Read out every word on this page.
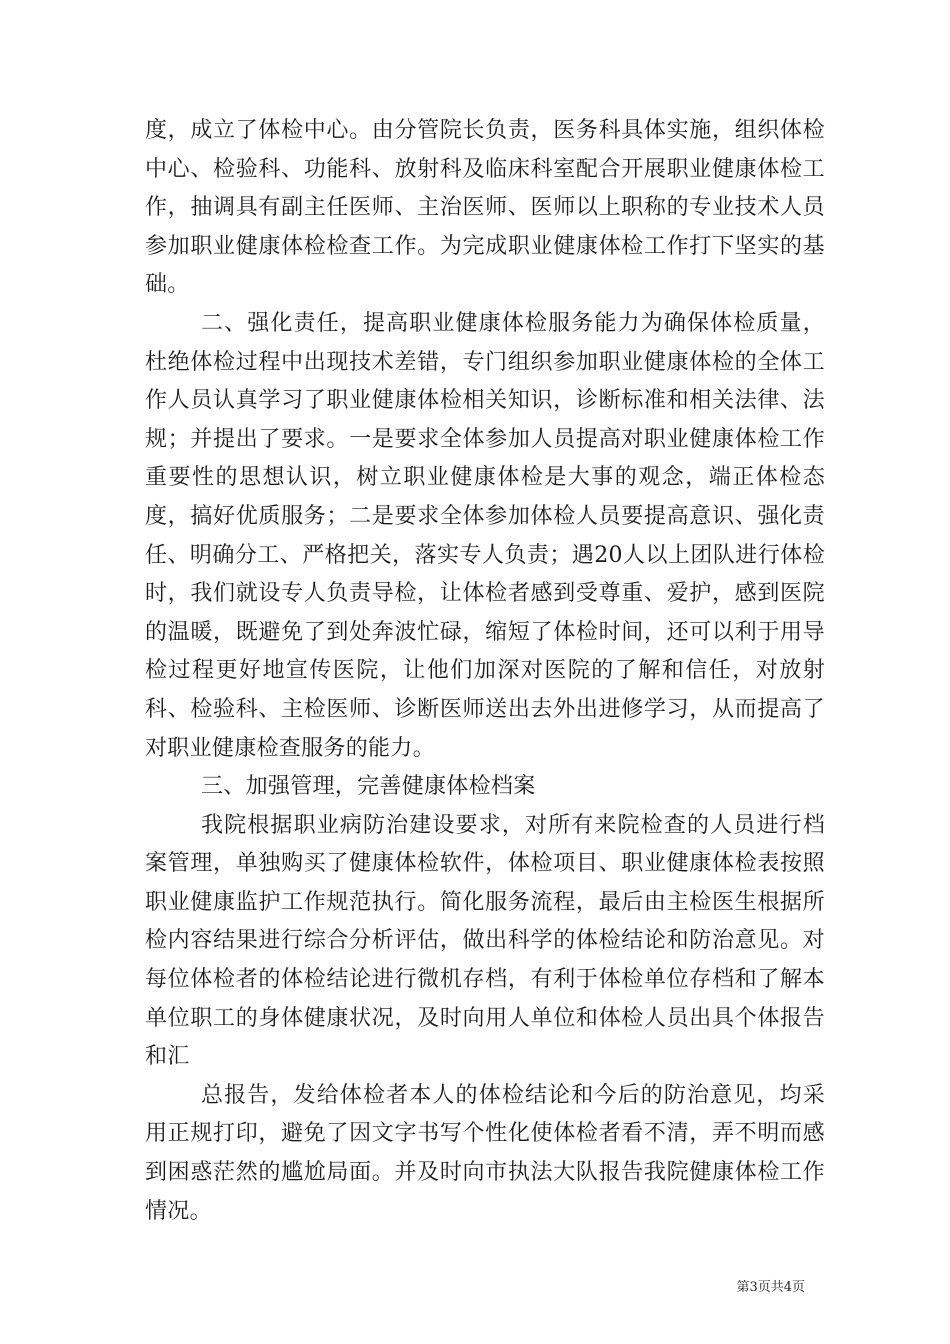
度，成立了体检中心。由分管院长负责，医务科具体实施，组织体检中心、检验科、功能科、放射科及临床科室配合开展职业健康体检工作，抽调具有副主任医师、主治医师、医师以上职称的专业技术人员参加职业健康体检检查工作。为完成职业健康体检工作打下坚实的基础。

二、强化责任，提高职业健康体检服务能力为确保体检质量，杜绝体检过程中出现技术差错，专门组织参加职业健康体检的全体工作人员认真学习了职业健康体检相关知识，诊断标准和相关法律、法规；并提出了要求。一是要求全体参加人员提高对职业健康体检工作重要性的思想认识，树立职业健康体检是大事的观念，端正体检态度，搞好优质服务；二是要求全体参加体检人员要提高意识、强化责任、明确分工、严格把关，落实专人负责；遇20人以上团队进行体检时，我们就设专人负责导检，让体检者感到受尊重、爱护，感到医院的温暖，既避免了到处奔波忙碌，缩短了体检时间，还可以利于用导检过程更好地宣传医院，让他们加深对医院的了解和信任，对放射科、检验科、主检医师、诊断医师送出去外出进修学习，从而提高了对职业健康检查服务的能力。

三、加强管理，完善健康体检档案

我院根据职业病防治建设要求，对所有来院检查的人员进行档案管理，单独购买了健康体检软件，体检项目、职业健康体检表按照职业健康监护工作规范执行。简化服务流程，最后由主检医生根据所检内容结果进行综合分析评估，做出科学的体检结论和防治意见。对每位体检者的体检结论进行微机存档，有利于体检单位存档和了解本单位职工的身体健康状况，及时向用人单位和体检人员出具个体报告和汇

总报告，发给体检者本人的体检结论和今后的防治意见，均采用正规打印，避免了因文字书写个性化使体检者看不清，弄不明而感到困惑茫然的尴尬局面。并及时向市执法大队报告我院健康体检工作情况。

第3页共4页
